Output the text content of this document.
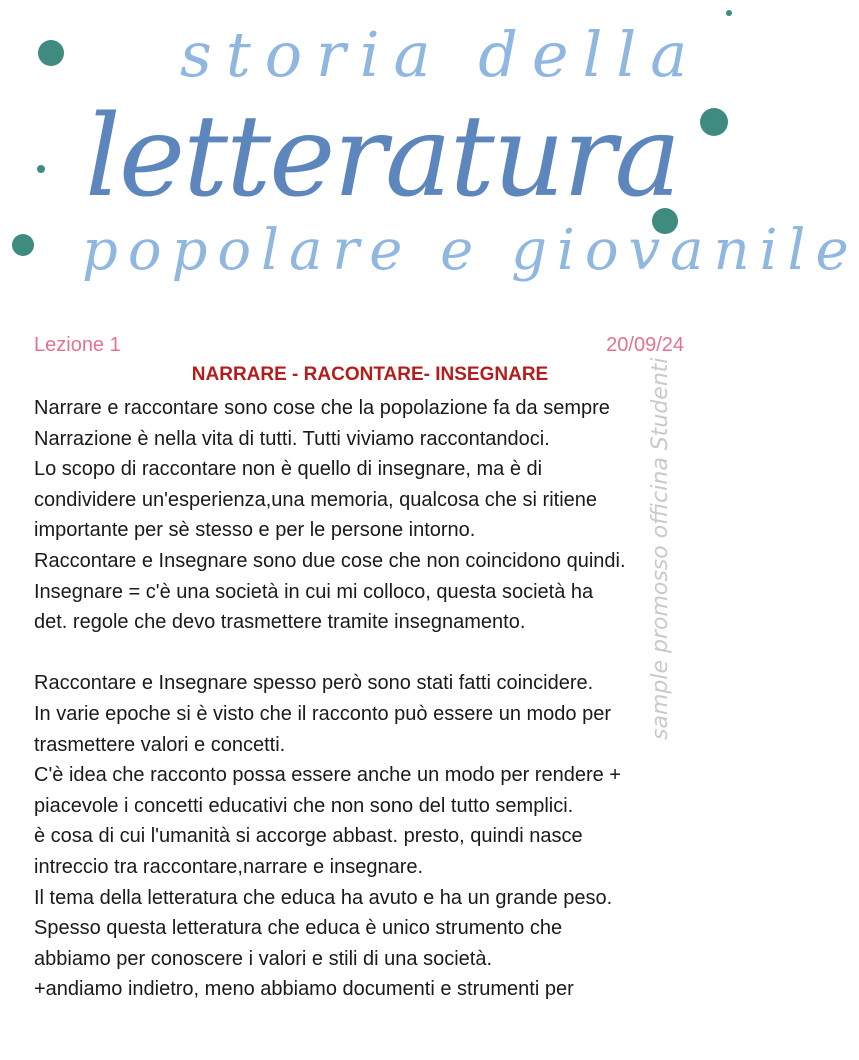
storia della

letteratura

popolare e giovanile

Lezione 1	20/09/24
NARRARE - RACONTARE- INSEGNARE
Narrare e raccontare sono cose che la popolazione fa da sempre
Narrazione è nella vita di tutti. Tutti viviamo raccontandoci.
Lo scopo di raccontare non è quello di insegnare, ma è di
condividere un'esperienza,una memoria, qualcosa che si ritiene
importante per sè stesso e per le persone intorno.
Raccontare e Insegnare sono due cose che non coincidono quindi.
Insegnare = c'è una società in cui mi colloco, questa società ha
det. regole che devo trasmettere tramite insegnamento.
Raccontare e Insegnare spesso però sono stati fatti coincidere.
In varie epoche si è visto che il racconto può essere un modo per
trasmettere valori e concetti.
C'è idea che racconto possa essere anche un modo per rendere +
piacevole i concetti educativi che non sono del tutto semplici.
è cosa di cui l'umanità si accorge abbast. presto, quindi nasce
intreccio tra raccontare,narrare e insegnare.
Il tema della letteratura che educa ha avuto e ha un grande peso.
Spesso questa letteratura che educa è unico strumento che
abbiamo per conoscere i valori e stili di una società.
+andiamo indietro, meno abbiamo documenti e strumenti per
sample promosso officina Studenti
